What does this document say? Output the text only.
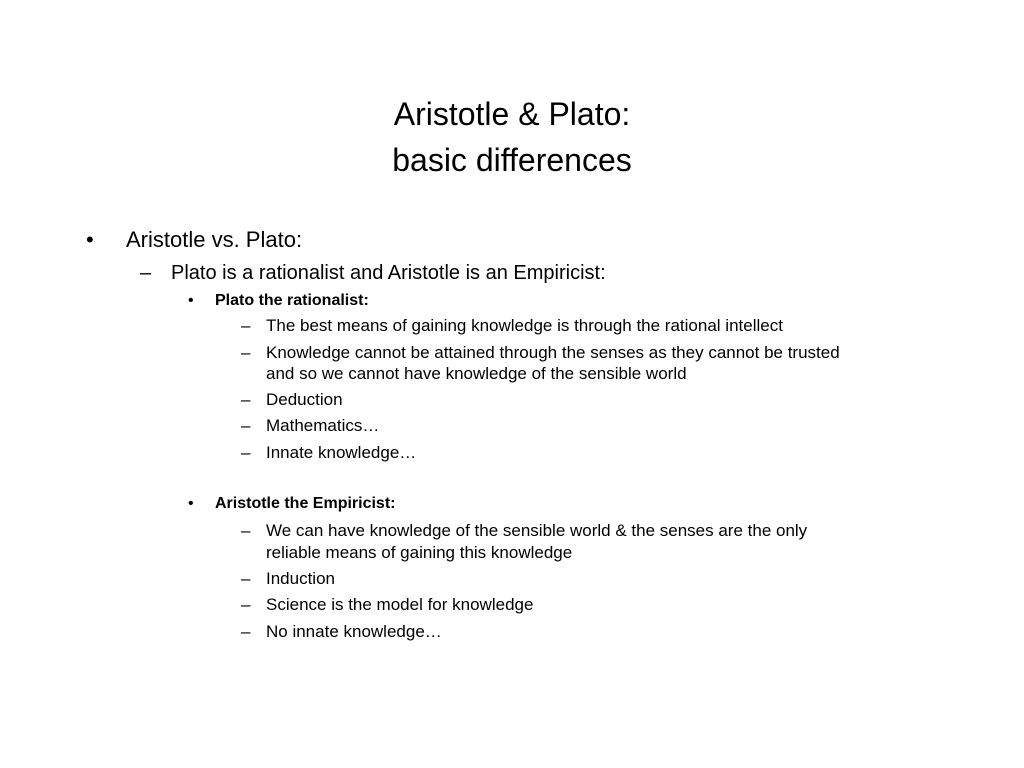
Aristotle & Plato:
basic differences
• Aristotle vs. Plato:
– Plato is a rationalist and Aristotle is an Empiricist:
• Plato the rationalist:
– The best means of gaining knowledge is through the rational intellect
– Knowledge cannot be attained through the senses as they cannot be trusted
and so we cannot have knowledge of the sensible world
– Deduction
– Mathematics…
– Innate knowledge…
• Aristotle the Empiricist:
– We can have knowledge of the sensible world & the senses are the only
reliable means of gaining this knowledge
– Induction
– Science is the model for knowledge
– No innate knowledge…
